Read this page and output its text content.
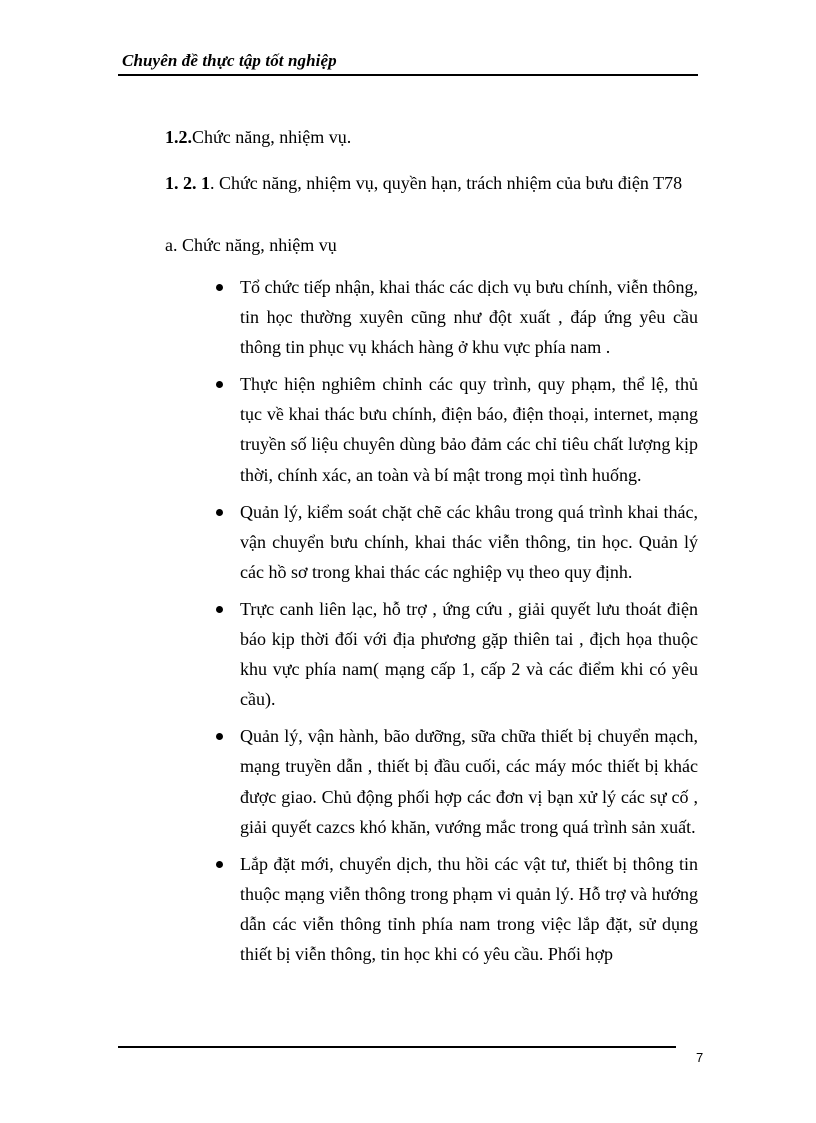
Chuyên đề thực tập tốt nghiệp
1.2.Chức năng, nhiệm vụ.
1. 2. 1. Chức năng, nhiệm vụ, quyền hạn, trách nhiệm của bưu điện T78
a. Chức năng, nhiệm vụ
Tổ chức tiếp nhận, khai thác các dịch vụ bưu chính, viễn thông, tin học thường xuyên cũng như đột xuất , đáp ứng yêu cầu thông tin phục vụ khách hàng ở khu vực phía nam .
Thực hiện nghiêm chỉnh các quy trình, quy phạm, thể lệ, thủ tục về khai thác bưu chính, điện báo, điện thoại, internet, mạng truyền số liệu chuyên dùng bảo đảm các chỉ tiêu chất lượng kịp thời, chính xác, an toàn và bí mật trong mọi tình huống.
Quản lý, kiểm soát chặt chẽ các khâu trong quá trình khai thác, vận chuyển bưu chính, khai thác viễn thông, tin học. Quản lý các hồ sơ trong khai thác các nghiệp vụ theo quy định.
Trực canh liên lạc, hỗ trợ , ứng cứu , giải quyết lưu thoát điện báo kịp thời đối với địa phương gặp thiên tai , địch họa thuộc khu vực phía nam( mạng cấp 1, cấp 2 và các điểm khi có yêu cầu).
Quản lý, vận hành, bão dưỡng, sữa chữa thiết bị chuyển mạch, mạng truyền dẫn , thiết bị đầu cuối, các máy móc thiết bị khác được giao. Chủ động phối hợp các đơn vị bạn xử lý các sự cố , giải quyết cazcs khó khăn, vướng mắc trong quá trình sản xuất.
Lắp đặt mới, chuyển dịch, thu hồi các vật tư, thiết bị thông tin thuộc mạng viễn thông trong phạm vi quản lý. Hỗ trợ và hướng dẫn các viễn thông tỉnh phía nam trong việc lắp đặt, sử dụng thiết bị viễn thông, tin học khi có yêu cầu. Phối hợp
7
